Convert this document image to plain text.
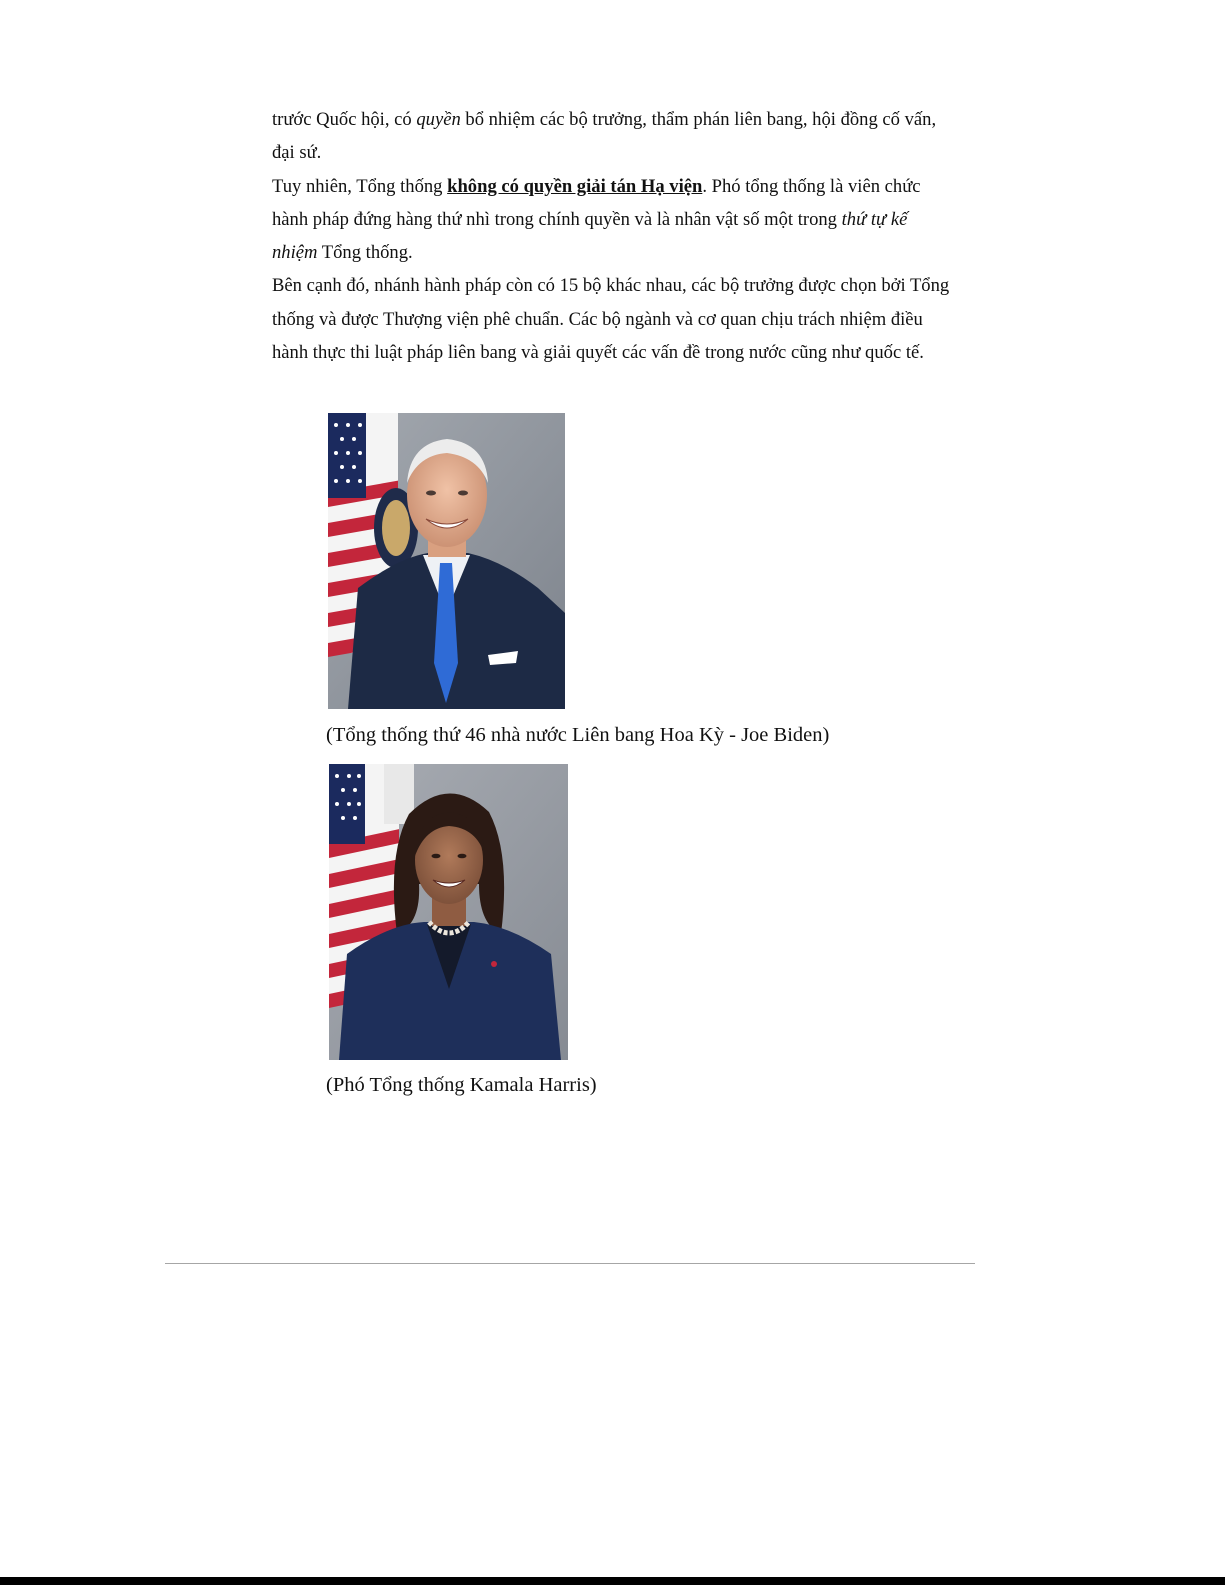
trước Quốc hội, có quyền bổ nhiệm các bộ trưởng, thẩm phán liên bang, hội đồng cố vấn, đại sứ.

Tuy nhiên, Tổng thống không có quyền giải tán Hạ viện. Phó tổng thống là viên chức hành pháp đứng hàng thứ nhì trong chính quyền và là nhân vật số một trong thứ tự kế nhiệm Tổng thống.

Bên cạnh đó, nhánh hành pháp còn có 15 bộ khác nhau, các bộ trưởng được chọn bởi Tổng thống và được Thượng viện phê chuẩn. Các bộ ngành và cơ quan chịu trách nhiệm điều hành thực thi luật pháp liên bang và giải quyết các vấn đề trong nước cũng như quốc tế.

(Tổng thống thứ 46 nhà nước Liên bang Hoa Kỳ - Joe Biden)
(Phó Tổng thống Kamala Harris)
